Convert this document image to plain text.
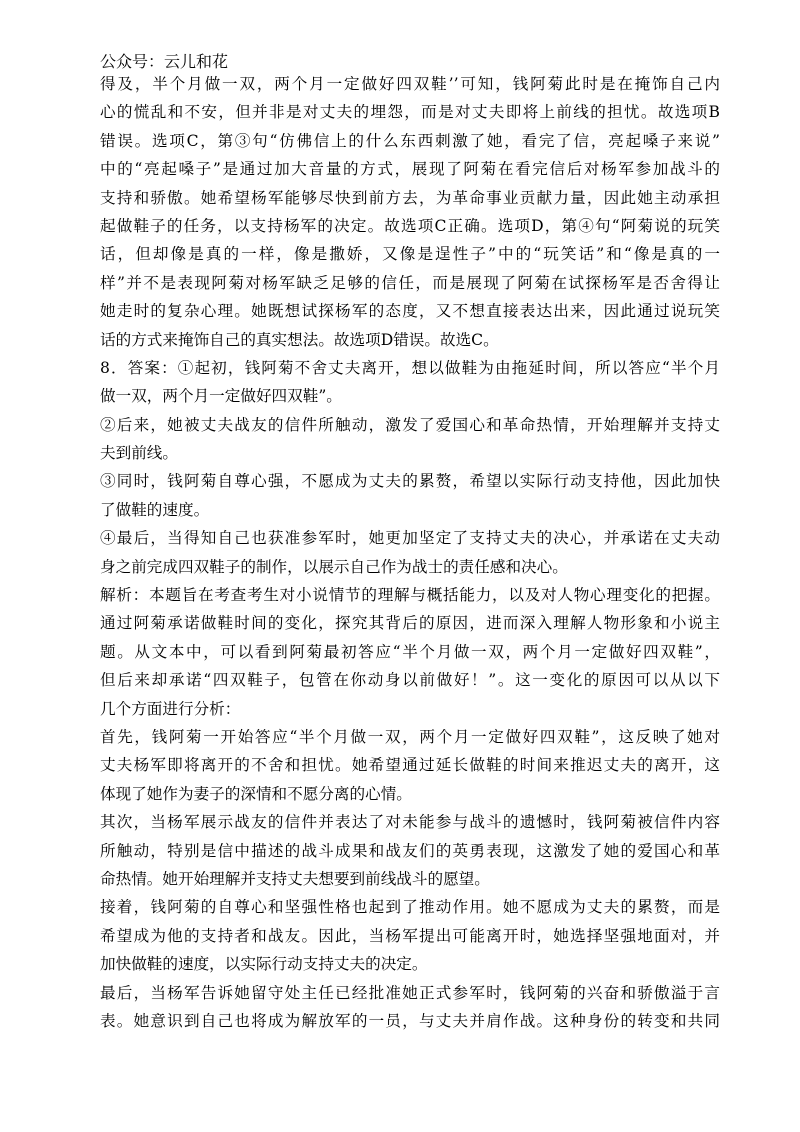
公众号：云儿和花
得及，半个月做一双，两个月一定做好四双鞋’’可知，钱阿菊此时是在掩饰自己内
心的慌乱和不安，但并非是对丈夫的埋怨，而是对丈夫即将上前线的担忧。故选项B
错误。选项C，第③句“仿佛信上的什么东西刺激了她，看完了信，亮起嗓子来说”
中的“亮起嗓子”是通过加大音量的方式，展现了阿菊在看完信后对杨军参加战斗的
支持和骄傲。她希望杨军能够尽快到前方去，为革命事业贡献力量，因此她主动承担
起做鞋子的任务，以支持杨军的决定。故选项C正确。选项D，第④句“阿菊说的玩笑
话，但却像是真的一样，像是撒娇，又像是逞性子”中的“玩笑话”和“像是真的一
样”并不是表现阿菊对杨军缺乏足够的信任，而是展现了阿菊在试探杨军是否舍得让
她走时的复杂心理。她既想试探杨军的态度，又不想直接表达出来，因此通过说玩笑
话的方式来掩饰自己的真实想法。故选项D错误。故选C。
8．答案：①起初，钱阿菊不舍丈夫离开，想以做鞋为由拖延时间，所以答应“半个月
做一双，两个月一定做好四双鞋”。
②后来，她被丈夫战友的信件所触动，激发了爱国心和革命热情，开始理解并支持丈
夫到前线。
③同时，钱阿菊自尊心强，不愿成为丈夫的累赘，希望以实际行动支持他，因此加快
了做鞋的速度。
④最后，当得知自己也获准参军时，她更加坚定了支持丈夫的决心，并承诺在丈夫动
身之前完成四双鞋子的制作，以展示自己作为战士的责任感和决心。
解析：本题旨在考查考生对小说情节的理解与概括能力，以及对人物心理变化的把握。
通过阿菊承诺做鞋时间的变化，探究其背后的原因，进而深入理解人物形象和小说主
题。从文本中，可以看到阿菊最初答应“半个月做一双，两个月一定做好四双鞋”，
但后来却承诺“四双鞋子，包管在你动身以前做好！”。这一变化的原因可以从以下
几个方面进行分析：
首先，钱阿菊一开始答应“半个月做一双，两个月一定做好四双鞋”，这反映了她对
丈夫杨军即将离开的不舍和担忧。她希望通过延长做鞋的时间来推迟丈夫的离开，这
体现了她作为妻子的深情和不愿分离的心情。
其次，当杨军展示战友的信件并表达了对未能参与战斗的遗憾时，钱阿菊被信件内容
所触动，特别是信中描述的战斗成果和战友们的英勇表现，这激发了她的爱国心和革
命热情。她开始理解并支持丈夫想要到前线战斗的愿望。
接着，钱阿菊的自尊心和坚强性格也起到了推动作用。她不愿成为丈夫的累赘，而是
希望成为他的支持者和战友。因此，当杨军提出可能离开时，她选择坚强地面对，并
加快做鞋的速度，以实际行动支持丈夫的决定。
最后，当杨军告诉她留守处主任已经批准她正式参军时，钱阿菊的兴奋和骄傲溢于言
表。她意识到自己也将成为解放军的一员，与丈夫并肩作战。这种身份的转变和共同
